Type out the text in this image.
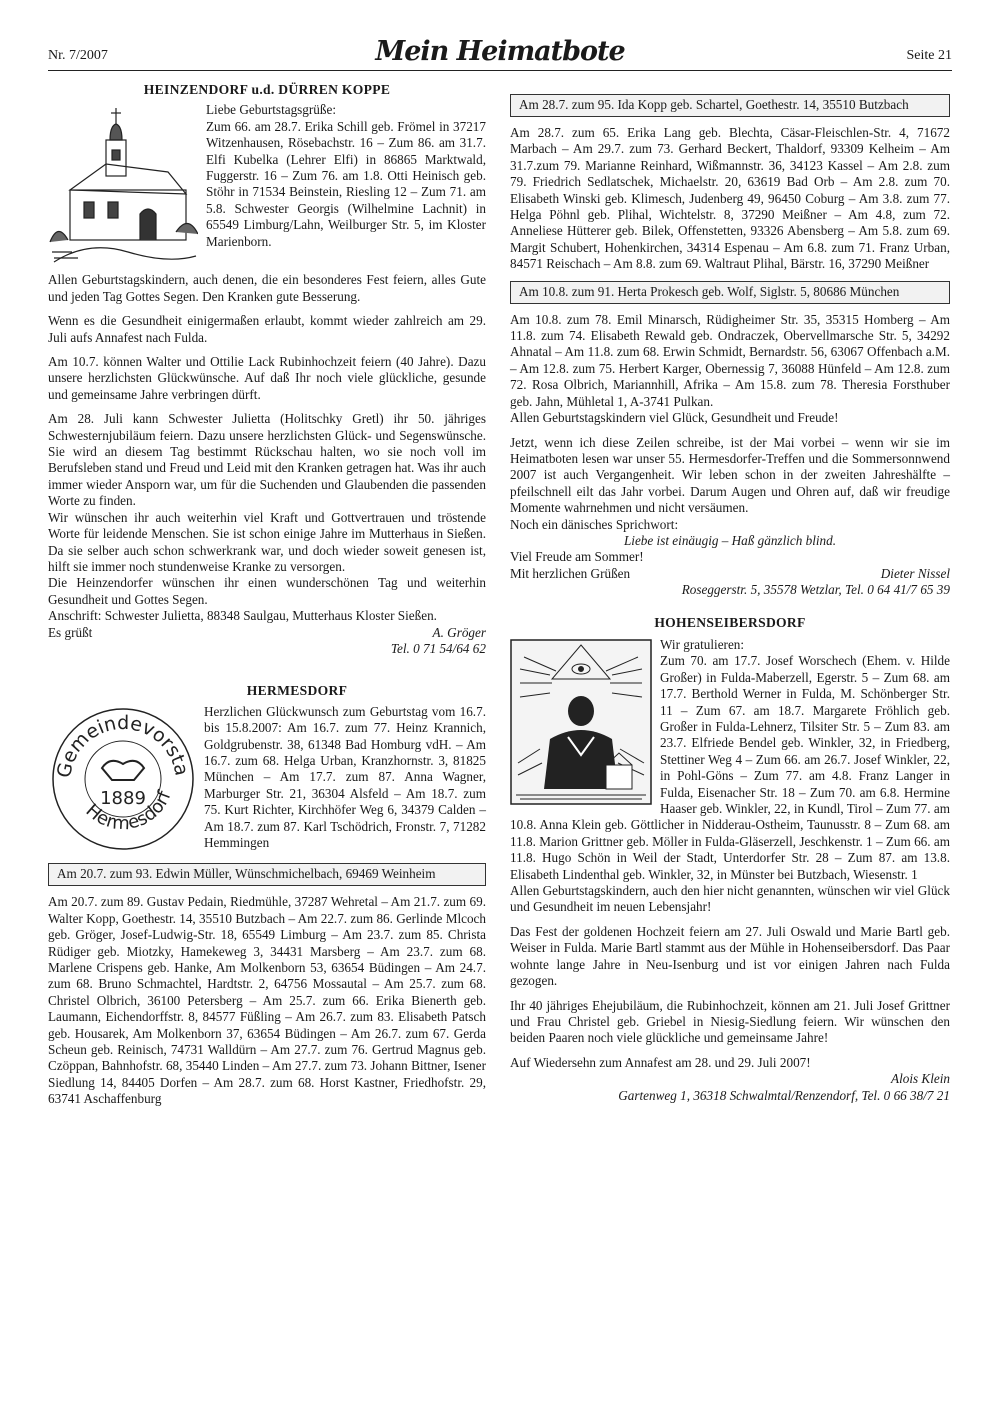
Nr. 7/2007	Mein Heimatbote	Seite 21
HEINZENDORF u.d. DÜRREN KOPPE

Liebe Geburtstagsgrüße:

Zum 66. am 28.7. Erika Schill geb. Frömel in 37217 Witzenhausen, Rösebachstr. 16 – Zum 86. am 31.7. Elfi Kubelka (Lehrer Elfi) in 86865 Marktwald, Fuggerstr. 16 – Zum 76. am 1.8. Otti Heinisch geb. Stöhr in 71534 Beinstein, Riesling 12 – Zum 71. am 5.8. Schwester Georgis (Wilhelmine Lachnit) in 65549 Limburg/Lahn, Weilburger Str. 5, im Kloster Marienborn.

Allen Geburtstagskindern, auch denen, die ein besonderes Fest feiern, alles Gute und jeden Tag Gottes Segen. Den Kranken gute Besserung.

Wenn es die Gesundheit einigermaßen erlaubt, kommt wieder zahlreich am 29. Juli aufs Annafest nach Fulda.

Am 10.7. können Walter und Ottilie Lack Rubinhochzeit feiern (40 Jahre). Dazu unsere herzlichsten Glückwünsche. Auf daß Ihr noch viele glückliche, gesunde und gemeinsame Jahre verbringen dürft.

Am 28. Juli kann Schwester Julietta (Holitschky Gretl) ihr 50. jähriges Schwesternjubiläum feiern. Dazu unsere herzlichsten Glück- und Segenswünsche. Sie wird an diesem Tag bestimmt Rückschau halten, wo sie noch voll im Berufsleben stand und Freud und Leid mit den Kranken getragen hat. Was ihr auch immer wieder Ansporn war, um für die Suchenden und Glaubenden die passenden Worte zu finden.

Wir wünschen ihr auch weiterhin viel Kraft und Gottvertrauen und tröstende Worte für leidende Menschen. Sie ist schon einige Jahre im Mutterhaus in Sießen. Da sie selber auch schon schwerkrank war, und doch wieder soweit genesen ist, hilft sie immer noch stundenweise Kranke zu versorgen.

Die Heinzendorfer wünschen ihr einen wunderschönen Tag und weiterhin Gesundheit und Gottes Segen.

Anschrift: Schwester Julietta, 88348 Saulgau, Mutterhaus Kloster Sießen.

Es grüßt	A. Gröger
Tel. 0 71 54/64 62
HERMESDORF
Gemeindevorsta
Hermesdorf
1889

Herzlichen Glückwunsch zum Geburtstag vom 16.7. bis 15.8.2007: Am 16.7. zum 77. Heinz Krannich, Goldgrubenstr. 38, 61348 Bad Homburg vdH. – Am 16.7. zum 68. Helga Urban, Kranzhornstr. 3, 81825 München – Am 17.7. zum 87. Anna Wagner, Marburger Str. 21, 36304 Alsfeld – Am 18.7. zum 75. Kurt Richter, Kirchhöfer Weg 6, 34379 Calden – Am 18.7. zum 87. Karl Tschödrich, Fronstr. 7, 71282 Hemmingen

Am 20.7. zum 93. Edwin Müller, Wünschmichelbach, 69469 Weinheim

Am 20.7. zum 89. Gustav Pedain, Riedmühle, 37287 Wehretal – Am 21.7. zum 69. Walter Kopp, Goethestr. 14, 35510 Butzbach – Am 22.7. zum 86. Gerlinde Mlcoch geb. Gröger, Josef-Ludwig-Str. 18, 65549 Limburg – Am 23.7. zum 85. Christa Rüdiger geb. Miotzky, Hamekeweg 3, 34431 Marsberg – Am 23.7. zum 68. Marlene Crispens geb. Hanke, Am Molkenborn 53, 63654 Büdingen – Am 24.7. zum 68. Bruno Schmachtel, Hardtstr. 2, 64756 Mossautal – Am 25.7. zum 68. Christel Olbrich, 36100 Petersberg – Am 25.7. zum 66. Erika Bienerth geb. Laumann, Eichendorffstr. 8, 84577 Füßling – Am 26.7. zum 83. Elisabeth Patsch geb. Housarek, Am Molkenborn 37, 63654 Büdingen – Am 26.7. zum 67. Gerda Scheun geb. Reinisch, 74731 Walldürn – Am 27.7. zum 76. Gertrud Magnus geb. Czöppan, Bahnhofstr. 68, 35440 Linden – Am 27.7. zum 73. Johann Bittner, Isener Siedlung 14, 84405 Dorfen – Am 28.7. zum 68. Horst Kastner, Friedhofstr. 29, 63741 Aschaffenburg

Am 28.7. zum 95. Ida Kopp geb. Schartel, Goethestr. 14, 35510 Butzbach

Am 28.7. zum 65. Erika Lang geb. Blechta, Cäsar-Fleischlen-Str. 4, 71672 Marbach – Am 29.7. zum 73. Gerhard Beckert, Thaldorf, 93309 Kelheim – Am 31.7.zum 79. Marianne Reinhard, Wißmannstr. 36, 34123 Kassel – Am 2.8. zum 79. Friedrich Sedlatschek, Michaelstr. 20, 63619 Bad Orb – Am 2.8. zum 70. Elisabeth Winski geb. Klimesch, Judenberg 49, 96450 Coburg – Am 3.8. zum 77. Helga Pöhnl geb. Plihal, Wichtelstr. 8, 37290 Meißner – Am 4.8, zum 72. Anneliese Hütterer geb. Bilek, Offenstetten, 93326 Abensberg – Am 5.8. zum 69. Margit Schubert, Hohenkirchen, 34314 Espenau – Am 6.8. zum 71. Franz Urban, 84571 Reischach – Am 8.8. zum 69. Waltraut Plihal, Bärstr. 16, 37290 Meißner

Am 10.8. zum 91. Herta Prokesch geb. Wolf, Siglstr. 5, 80686 München

Am 10.8. zum 78. Emil Minarsch, Rüdigheimer Str. 35, 35315 Homberg – Am 11.8. zum 74. Elisabeth Rewald geb. Ondraczek, Obervellmarsche Str. 5, 34292 Ahnatal – Am 11.8. zum 68. Erwin Schmidt, Bernardstr. 56, 63067 Offenbach a.M. – Am 12.8. zum 75. Herbert Karger, Obernessig 7, 36088 Hünfeld – Am 12.8. zum 72. Rosa Olbrich, Mariannhill, Afrika – Am 15.8. zum 78. Theresia Forsthuber geb. Jahn, Mühletal 1, A-3741 Pulkan.

Allen Geburtstagskindern viel Glück, Gesundheit und Freude!

Jetzt, wenn ich diese Zeilen schreibe, ist der Mai vorbei – wenn wir sie im Heimatboten lesen war unser 55. Hermesdorfer-Treffen und die Sommersonnwend 2007 ist auch Vergangenheit. Wir leben schon in der zweiten Jahreshälfte – pfeilschnell eilt das Jahr vorbei. Darum Augen und Ohren auf, daß wir freudige Momente wahrnehmen und nicht versäumen.

Noch ein dänisches Sprichwort:

Liebe ist einäugig – Haß gänzlich blind.

Viel Freude am Sommer!

Mit herzlichen Grüßen	Dieter Nissel
Roseggerstr. 5, 35578 Wetzlar, Tel. 0 64 41/7 65 39
HOHENSEIBERSDORF

Wir gratulieren:

Zum 70. am 17.7. Josef Worschech (Ehem. v. Hilde Großer) in Fulda-Maberzell, Egerstr. 5 – Zum 68. am 17.7. Berthold Werner in Fulda, M. Schönberger Str. 11 – Zum 67. am 18.7. Margarete Fröhlich geb. Großer in Fulda-Lehnerz, Tilsiter Str. 5 – Zum 83. am 23.7. Elfriede Bendel geb. Winkler, 32, in Friedberg, Stettiner Weg 4 – Zum 66. am 26.7. Josef Winkler, 22, in Pohl-Göns – Zum 77. am 4.8. Franz Langer in Fulda, Eisenacher Str. 18 – Zum 70. am 6.8. Hermine Haaser geb. Winkler, 22, in Kundl, Tirol – Zum 77. am 10.8. Anna Klein geb. Göttlicher in Nidderau-Ostheim, Taunusstr. 8 – Zum 68. am 11.8. Marion Grittner geb. Möller in Fulda-Gläserzell, Jeschkenstr. 1 – Zum 66. am 11.8. Hugo Schön in Weil der Stadt, Unterdorfer Str. 28 – Zum 87. am 13.8. Elisabeth Lindenthal geb. Winkler, 32, in Münster bei Butzbach, Wiesenstr. 1

Allen Geburtstagskindern, auch den hier nicht genannten, wünschen wir viel Glück und Gesundheit im neuen Lebensjahr!

Das Fest der goldenen Hochzeit feiern am 27. Juli Oswald und Marie Bartl geb. Weiser in Fulda. Marie Bartl stammt aus der Mühle in Hohenseibersdorf. Das Paar wohnte lange Jahre in Neu-Isenburg und ist vor einigen Jahren nach Fulda gezogen.

Ihr 40 jähriges Ehejubiläum, die Rubinhochzeit, können am 21. Juli Josef Grittner und Frau Christel geb. Griebel in Niesig-Siedlung feiern. Wir wünschen den beiden Paaren noch viele glückliche und gemeinsame Jahre!

Auf Wiedersehn zum Annafest am 28. und 29. Juli 2007!

Alois Klein
Gartenweg 1, 36318 Schwalmtal/Renzendorf, Tel. 0 66 38/7 21
